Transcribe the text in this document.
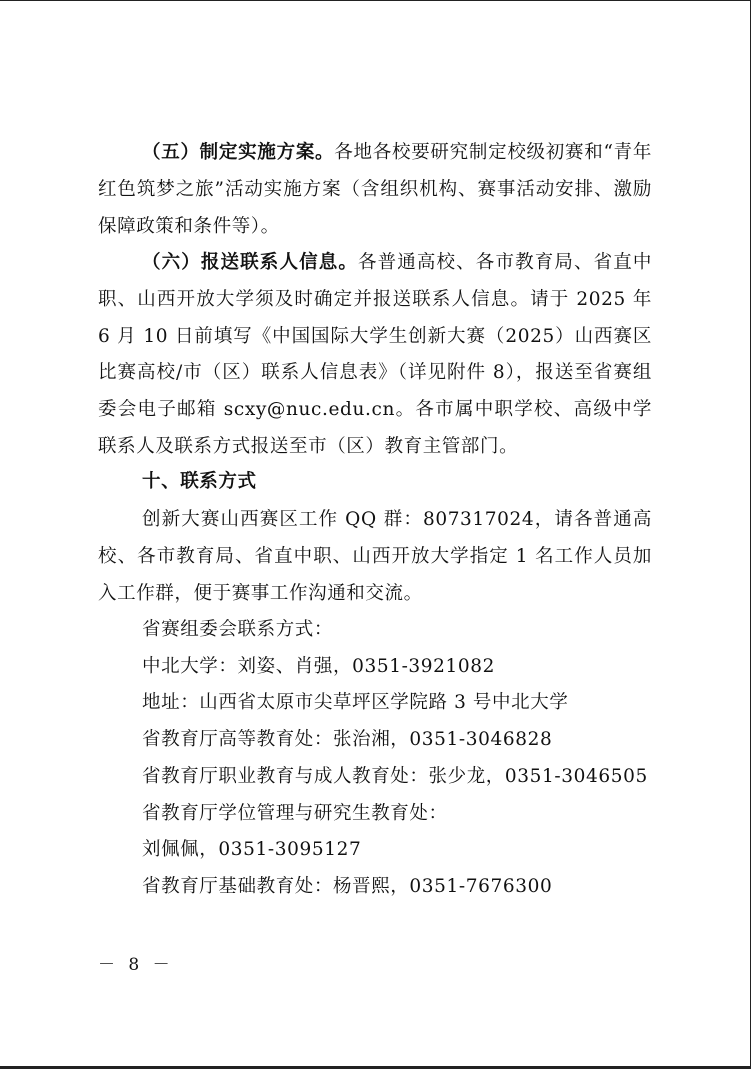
（五）制定实施方案。各地各校要研究制定校级初赛和“青年红色筑梦之旅”活动实施方案（含组织机构、赛事活动安排、激励保障政策和条件等）。
（六）报送联系人信息。各普通高校、各市教育局、省直中职、山西开放大学须及时确定并报送联系人信息。请于 2025 年 6 月 10 日前填写《中国国际大学生创新大赛（2025）山西赛区比赛高校/市（区）联系人信息表》（详见附件 8），报送至省赛组委会电子邮箱 scxy@nuc.edu.cn。各市属中职学校、高级中学联系人及联系方式报送至市（区）教育主管部门。
十、联系方式
创新大赛山西赛区工作 QQ 群：807317024，请各普通高校、各市教育局、省直中职、山西开放大学指定 1 名工作人员加入工作群，便于赛事工作沟通和交流。
省赛组委会联系方式：
中北大学：刘姿、肖强，0351-3921082
地址：山西省太原市尖草坪区学院路 3 号中北大学
省教育厅高等教育处：张治湘，0351-3046828
省教育厅职业教育与成人教育处：张少龙，0351-3046505
省教育厅学位管理与研究生教育处：
刘佩佩，0351-3095127
省教育厅基础教育处：杨晋熙，0351-7676300
－ 8 －
